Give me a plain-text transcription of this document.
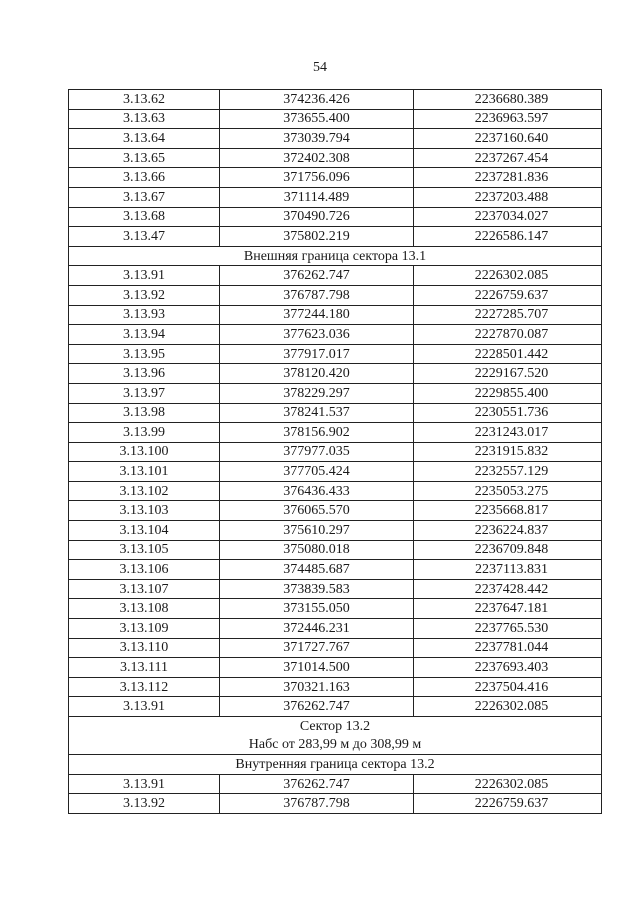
54
3.13.62	374236.426	2236680.389
3.13.63	373655.400	2236963.597
3.13.64	373039.794	2237160.640
3.13.65	372402.308	2237267.454
3.13.66	371756.096	2237281.836
3.13.67	371114.489	2237203.488
3.13.68	370490.726	2237034.027
3.13.47	375802.219	2226586.147
Внешняя граница сектора 13.1		
3.13.91	376262.747	2226302.085
3.13.92	376787.798	2226759.637
3.13.93	377244.180	2227285.707
3.13.94	377623.036	2227870.087
3.13.95	377917.017	2228501.442
3.13.96	378120.420	2229167.520
3.13.97	378229.297	2229855.400
3.13.98	378241.537	2230551.736
3.13.99	378156.902	2231243.017
3.13.100	377977.035	2231915.832
3.13.101	377705.424	2232557.129
3.13.102	376436.433	2235053.275
3.13.103	376065.570	2235668.817
3.13.104	375610.297	2236224.837
3.13.105	375080.018	2236709.848
3.13.106	374485.687	2237113.831
3.13.107	373839.583	2237428.442
3.13.108	373155.050	2237647.181
3.13.109	372446.231	2237765.530
3.13.110	371727.767	2237781.044
3.13.111	371014.500	2237693.403
3.13.112	370321.163	2237504.416
3.13.91	376262.747	2226302.085
Сектор 13.2		
Набс от 283,99 м до 308,99 м		
Внутренняя граница сектора 13.2		
3.13.91	376262.747	2226302.085
3.13.92	376787.798	2226759.637
